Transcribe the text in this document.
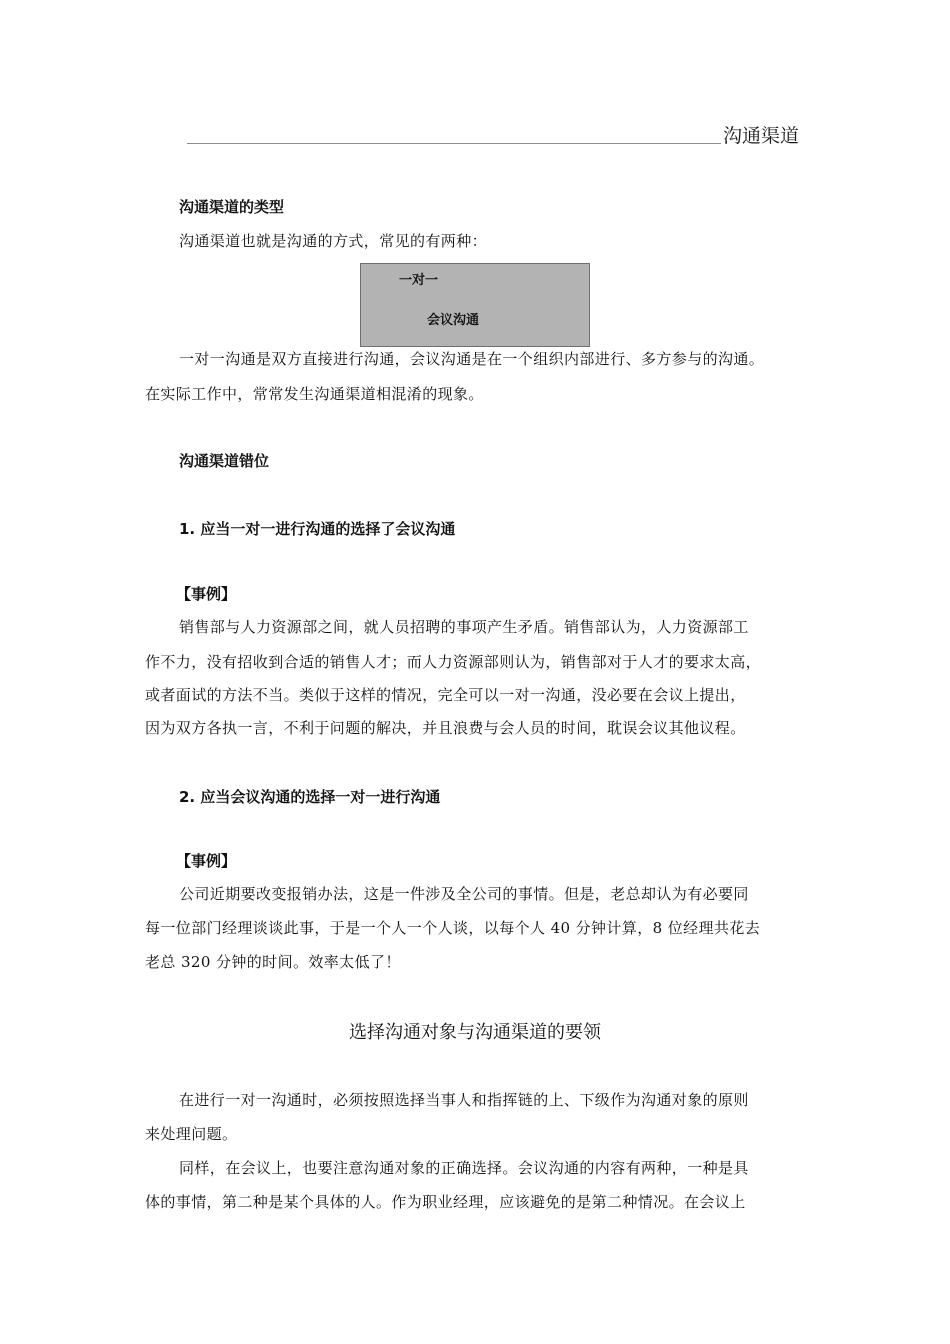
沟通渠道
沟通渠道的类型
沟通渠道也就是沟通的方式，常见的有两种：
一对一
会议沟通
一对一沟通是双方直接进行沟通，会议沟通是在一个组织内部进行、多方参与的沟通。
在实际工作中，常常发生沟通渠道相混淆的现象。
沟通渠道错位
1. 应当一对一进行沟通的选择了会议沟通
【事例】
销售部与人力资源部之间，就人员招聘的事项产生矛盾。销售部认为，人力资源部工
作不力，没有招收到合适的销售人才；而人力资源部则认为，销售部对于人才的要求太高，
或者面试的方法不当。类似于这样的情况，完全可以一对一沟通，没必要在会议上提出，
因为双方各执一言，不利于问题的解决，并且浪费与会人员的时间，耽误会议其他议程。
2. 应当会议沟通的选择一对一进行沟通
【事例】
公司近期要改变报销办法，这是一件涉及全公司的事情。但是，老总却认为有必要同
每一位部门经理谈谈此事，于是一个人一个人谈，以每个人 40 分钟计算，8 位经理共花去
老总 320 分钟的时间。效率太低了！
选择沟通对象与沟通渠道的要领
在进行一对一沟通时，必须按照选择当事人和指挥链的上、下级作为沟通对象的原则
来处理问题。
同样，在会议上，也要注意沟通对象的正确选择。会议沟通的内容有两种，一种是具
体的事情，第二种是某个具体的人。作为职业经理，应该避免的是第二种情况。在会议上
